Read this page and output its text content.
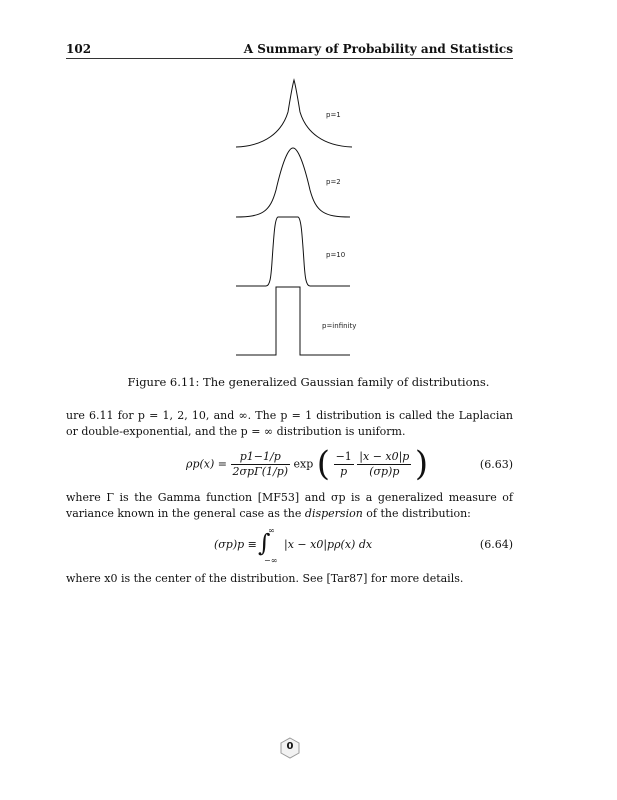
102	A Summary of Probability and Statistics
p=1
p=2
p=10
p=infinity
Figure 6.11: The generalized Gaussian family of distributions.
ure 6.11 for p = 1, 2, 10, and ∞. The p = 1 distribution is called the Laplacian or double-exponential, and the p = ∞ distribution is uniform.
$\rho p(x) = \frac{p1-1/p}{\text{2σpΓ(1/p)}}$ exp ( $\frac{-1}{p}$
$\frac{|x - x0|p}{(\sigma p)p}$ )	(6.63)
where Γ is the Gamma function [MF53] and σp is a generalized measure of variance known in the general case as the dispersion of the distribution:
(σp)p ≡ ∫
∞
−∞
|x − x0|pρ(x) dx	(6.64)
where x0 is the center of the distribution. See [Tar87] for more details.
0
